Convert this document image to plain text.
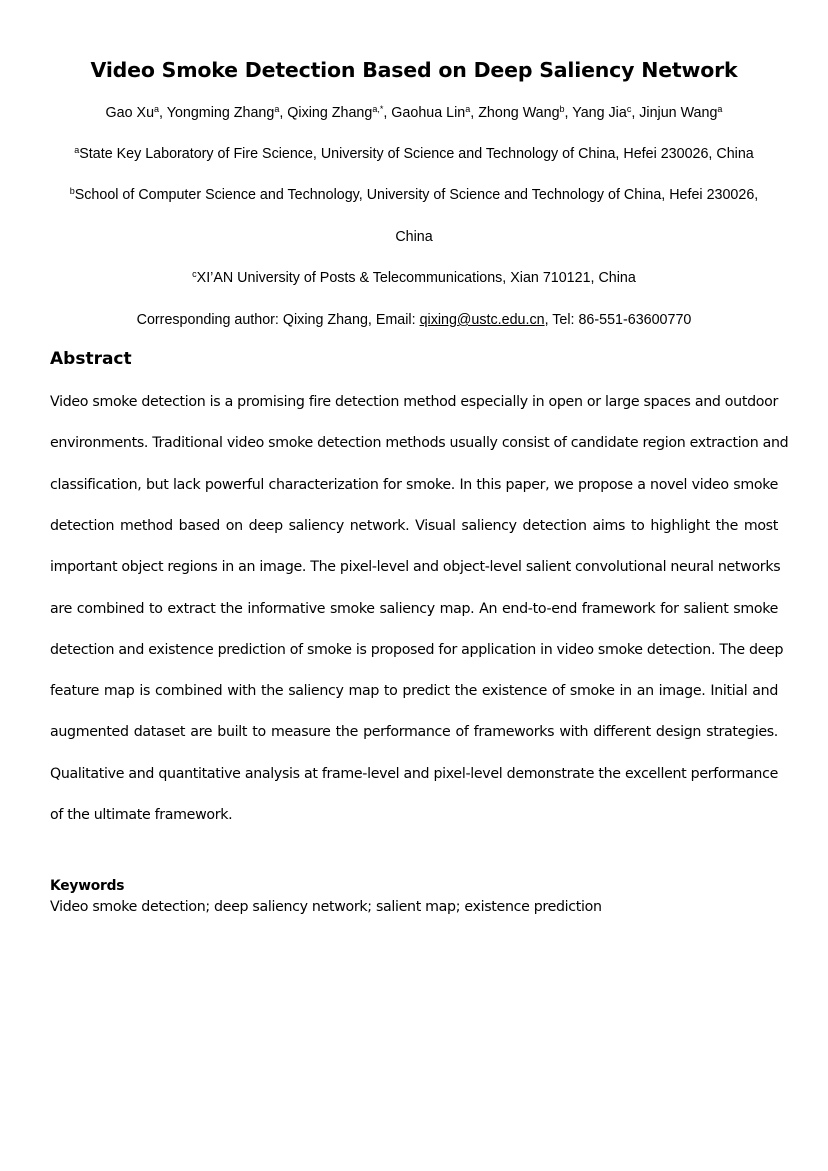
Video Smoke Detection Based on Deep Saliency Network
Gao Xu$^a$, Yongming Zhang$^a$, Qixing Zhang$^{a,*}$, Gaohua Lin$^a$, Zhong Wang$^b$, Yang Jia$^c$, Jinjun Wang$^a$
$^a$State Key Laboratory of Fire Science, University of Science and Technology of China, Hefei 230026, China
$^b$School of Computer Science and Technology, University of Science and Technology of China, Hefei 230026,
China
$^c$XI’AN University of Posts & Telecommunications, Xian 710121, China
Corresponding author: Qixing Zhang, Email: qixing@ustc.edu.cn, Tel: 86-551-63600770
Abstract
Video smoke detection is a promising fire detection method especially in open or large spaces and outdoor
environments. Traditional video smoke detection methods usually consist of candidate region extraction and
classification, but lack powerful characterization for smoke. In this paper, we propose a novel video smoke
detection method based on deep saliency network. Visual saliency detection aims to highlight the most
important object regions in an image. The pixel-level and object-level salient convolutional neural networks
are combined to extract the informative smoke saliency map. An end-to-end framework for salient smoke
detection and existence prediction of smoke is proposed for application in video smoke detection. The deep
feature map is combined with the saliency map to predict the existence of smoke in an image. Initial and
augmented dataset are built to measure the performance of frameworks with different design strategies.
Qualitative and quantitative analysis at frame-level and pixel-level demonstrate the excellent performance
of the ultimate framework.
Keywords
Video smoke detection; deep saliency network; salient map; existence prediction
